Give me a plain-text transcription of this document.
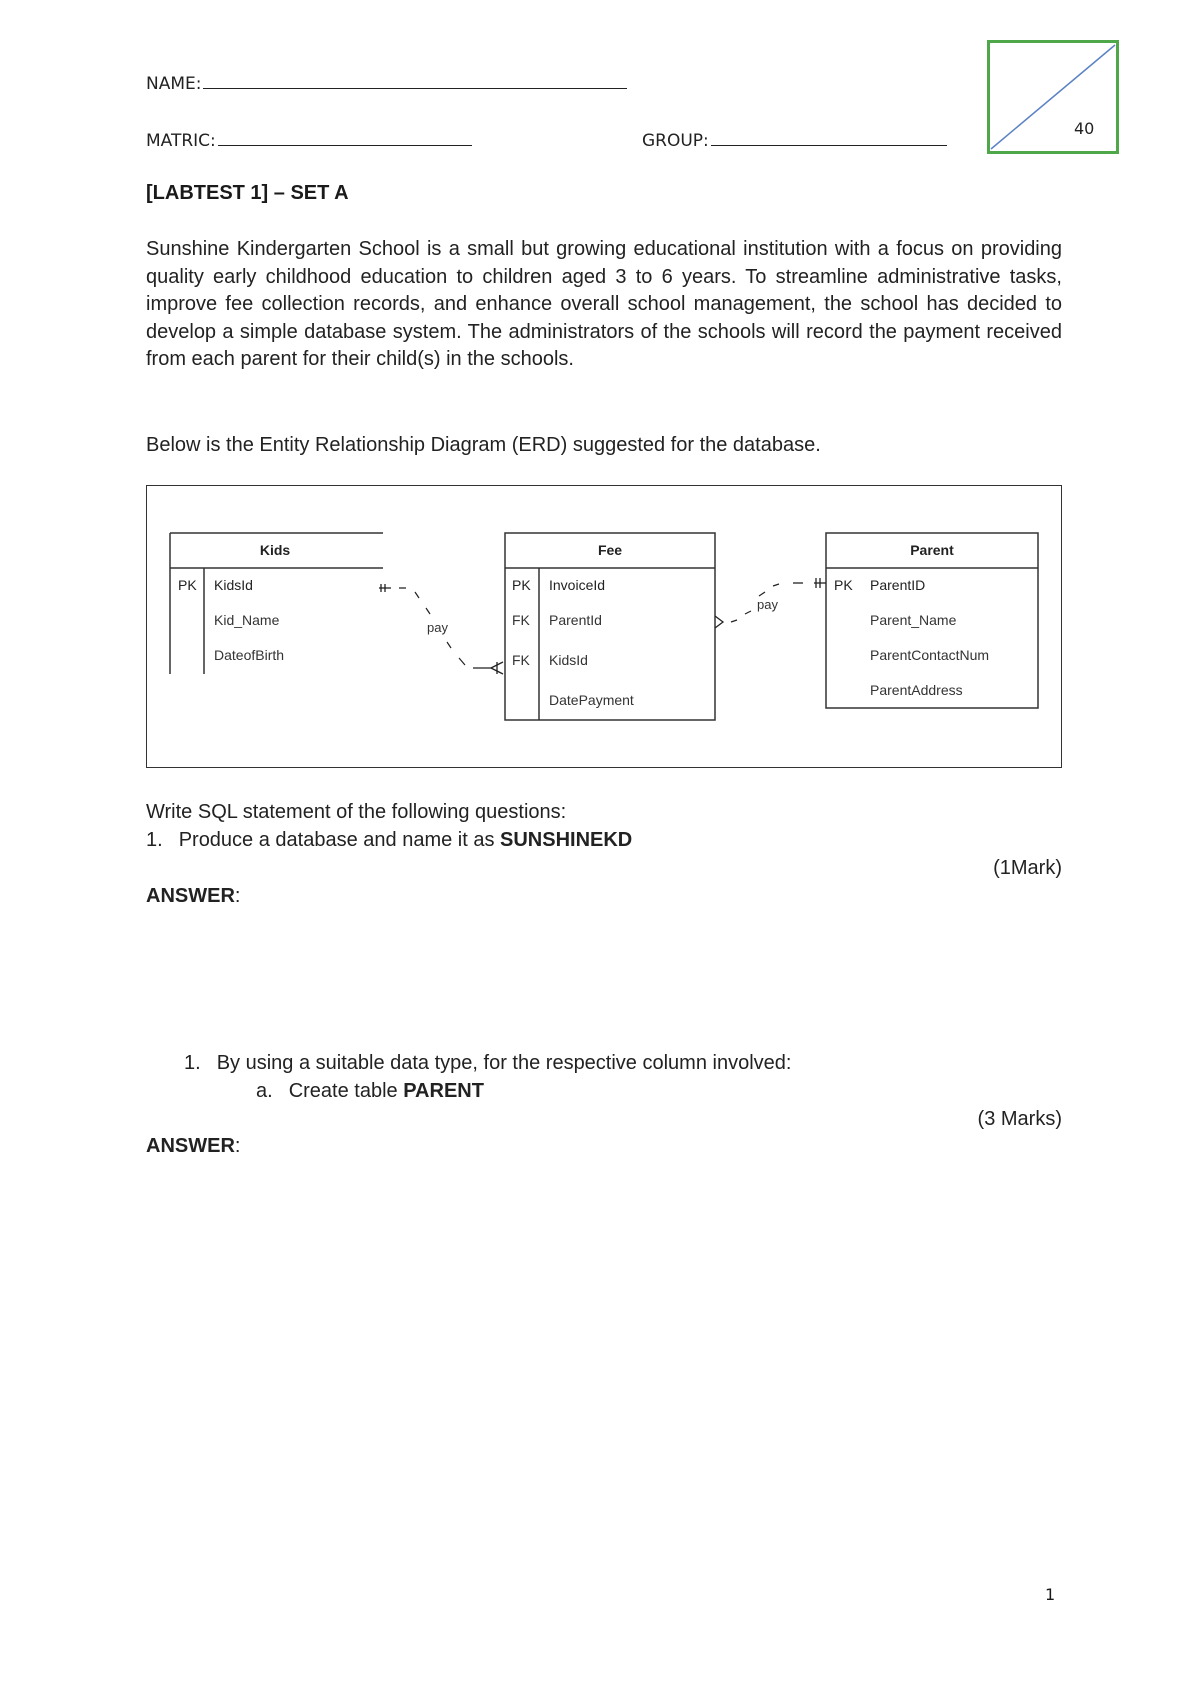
NAME:
MATRIC:	GROUP:
40
[LABTEST 1] – SET A
Sunshine Kindergarten School is a small but growing educational institution with a focus on providing quality early childhood education to children aged 3 to 6 years. To streamline administrative tasks, improve fee collection records, and enhance overall school management, the school has decided to develop a simple database system. The administrators of the schools will record the payment received from each parent for their child(s) in the schools.
Below is the Entity Relationship Diagram (ERD) suggested for the database.
Kids
PK KidsId
Kid_Name
DateofBirth
Fee
PK InvoiceId
FK ParentId
FK KidsId
DatePayment
Parent
PK ParentID
Parent_Name
ParentContactNum
ParentAddress
pay
pay
Write SQL statement of the following questions:
1. Produce a database and name it as SUNSHINEKD
(1Mark)
ANSWER:
1. By using a suitable data type, for the respective column involved:
a. Create table PARENT
(3 Marks)
ANSWER:
1
